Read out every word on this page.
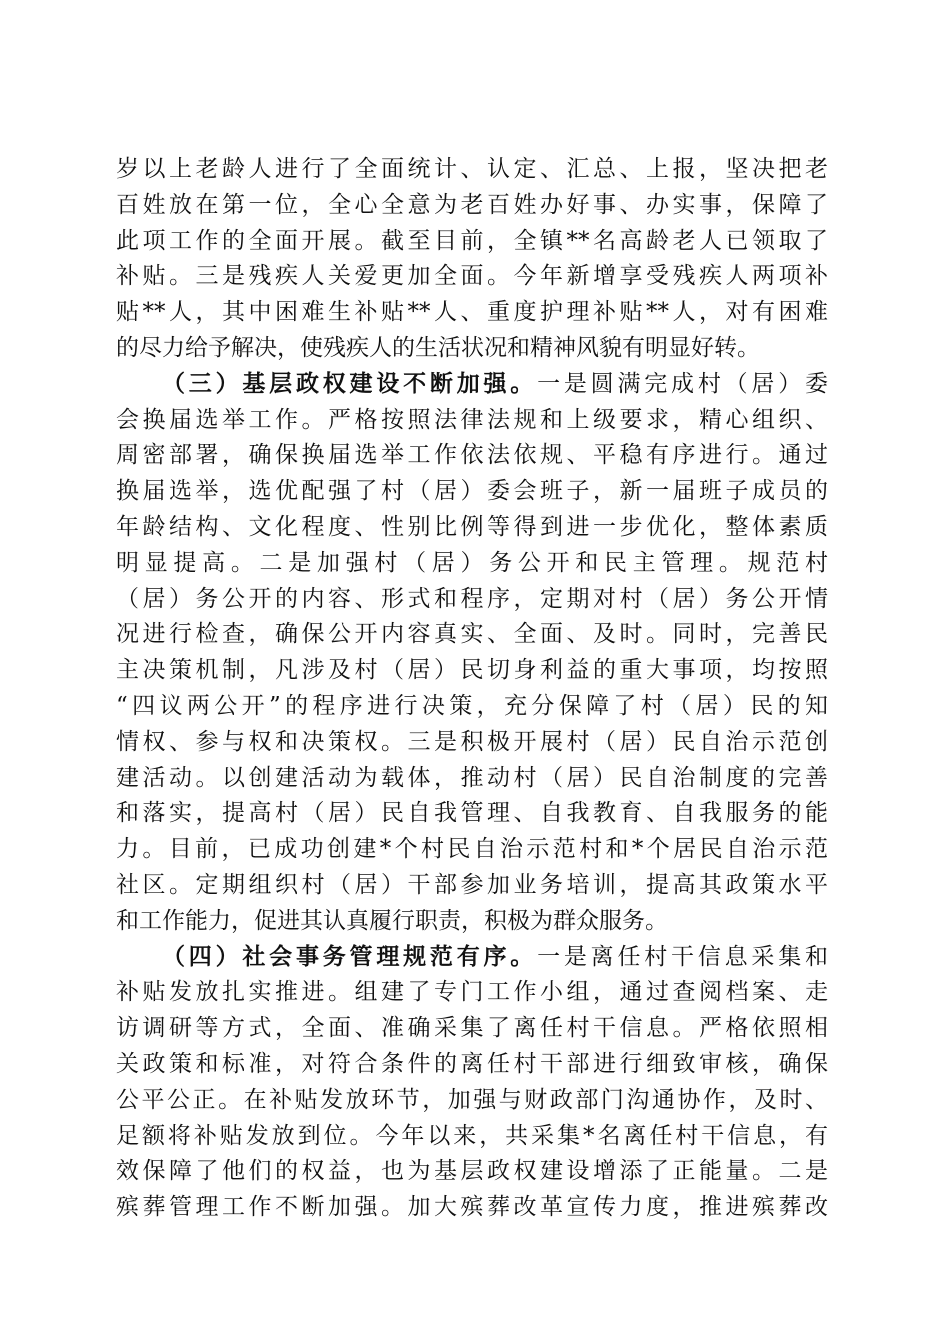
岁以上老龄人进行了全面统计、认定、汇总、上报，坚决把老
百姓放在第一位，全心全意为老百姓办好事、办实事，保障了
此项工作的全面开展。截至目前，全镇**名高龄老人已领取了
补贴。三是残疾人关爱更加全面。今年新增享受残疾人两项补
贴**人，其中困难生补贴**人、重度护理补贴**人，对有困难
的尽力给予解决，使残疾人的生活状况和精神风貌有明显好转。
（三）基层政权建设不断加强。一是圆满完成村（居）委
会换届选举工作。严格按照法律法规和上级要求，精心组织、
周密部署，确保换届选举工作依法依规、平稳有序进行。通过
换届选举，选优配强了村（居）委会班子，新一届班子成员的
年龄结构、文化程度、性别比例等得到进一步优化，整体素质
明显提高。二是加强村（居）务公开和民主管理。规范村
（居）务公开的内容、形式和程序，定期对村（居）务公开情
况进行检查，确保公开内容真实、全面、及时。同时，完善民
主决策机制，凡涉及村（居）民切身利益的重大事项，均按照
“四议两公开”的程序进行决策，充分保障了村（居）民的知
情权、参与权和决策权。三是积极开展村（居）民自治示范创
建活动。以创建活动为载体，推动村（居）民自治制度的完善
和落实，提高村（居）民自我管理、自我教育、自我服务的能
力。目前，已成功创建*个村民自治示范村和*个居民自治示范
社区。定期组织村（居）干部参加业务培训，提高其政策水平
和工作能力，促进其认真履行职责，积极为群众服务。
（四）社会事务管理规范有序。一是离任村干信息采集和
补贴发放扎实推进。组建了专门工作小组，通过查阅档案、走
访调研等方式，全面、准确采集了离任村干信息。严格依照相
关政策和标准，对符合条件的离任村干部进行细致审核，确保
公平公正。在补贴发放环节，加强与财政部门沟通协作，及时、
足额将补贴发放到位。今年以来，共采集*名离任村干信息，有
效保障了他们的权益，也为基层政权建设增添了正能量。二是
殡葬管理工作不断加强。加大殡葬改革宣传力度，推进殡葬改
